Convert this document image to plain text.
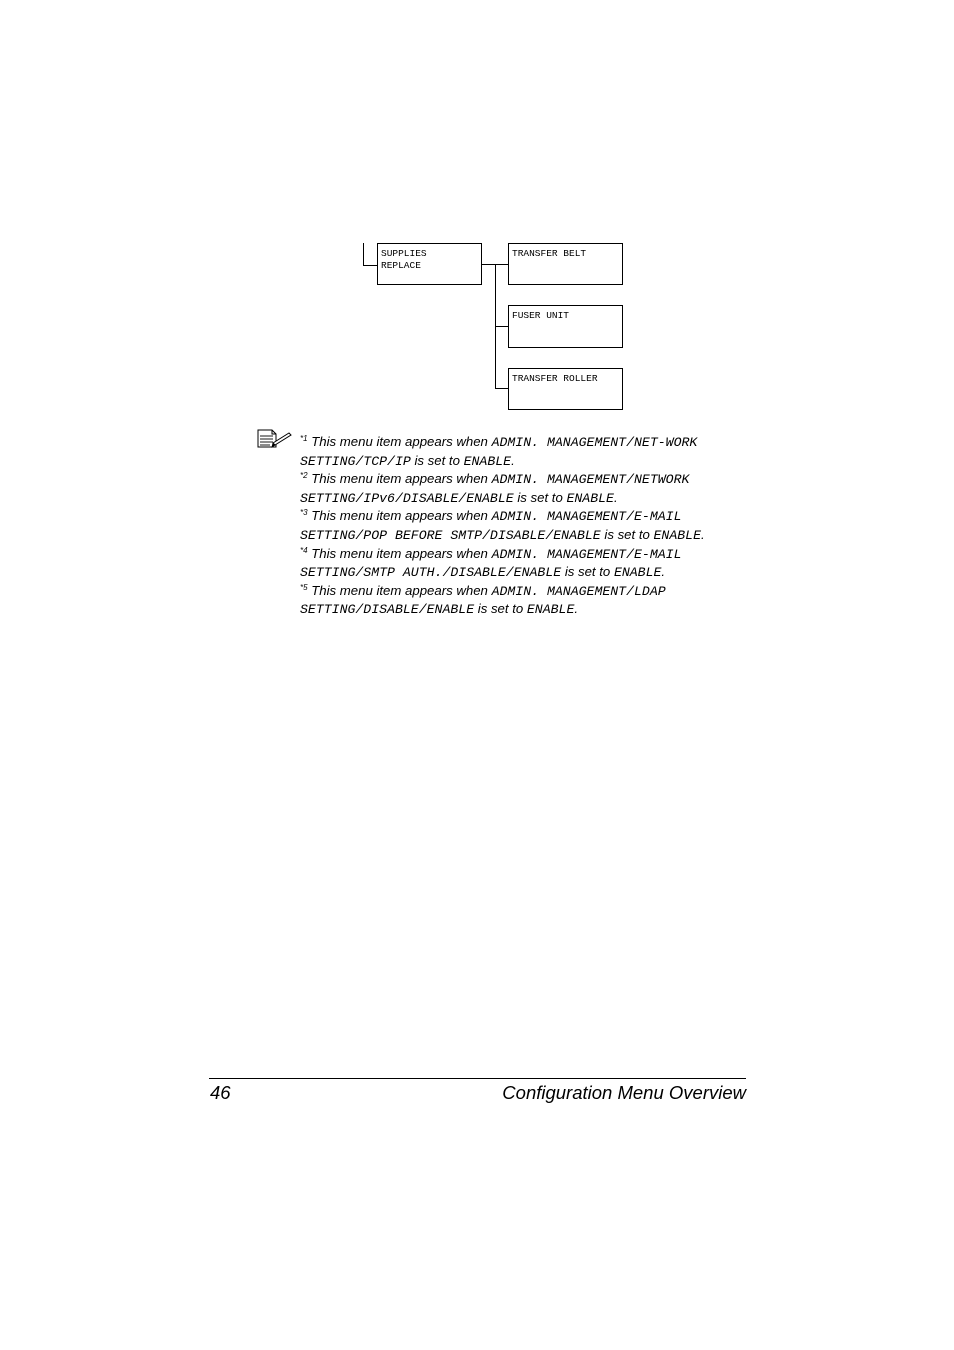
SUPPLIES
REPLACE
TRANSFER BELT
FUSER UNIT
TRANSFER ROLLER
$^{*1}$ This menu item appears when ADMIN. MANAGEMENT/NET-WORK SETTING/TCP/IP is set to ENABLE.
$^{*2}$ This menu item appears when ADMIN. MANAGEMENT/NETWORK SETTING/IPv6/DISABLE/ENABLE is set to ENABLE.
$^{*3}$ This menu item appears when ADMIN. MANAGEMENT/E-MAIL SETTING/POP BEFORE SMTP/DISABLE/ENABLE is set to ENABLE.
$^{*4}$ This menu item appears when ADMIN. MANAGEMENT/E-MAIL SETTING/SMTP AUTH./DISABLE/ENABLE is set to ENABLE.
$^{*5}$ This menu item appears when ADMIN. MANAGEMENT/LDAP SETTING/DISABLE/ENABLE is set to ENABLE.
46	Configuration Menu Overview
